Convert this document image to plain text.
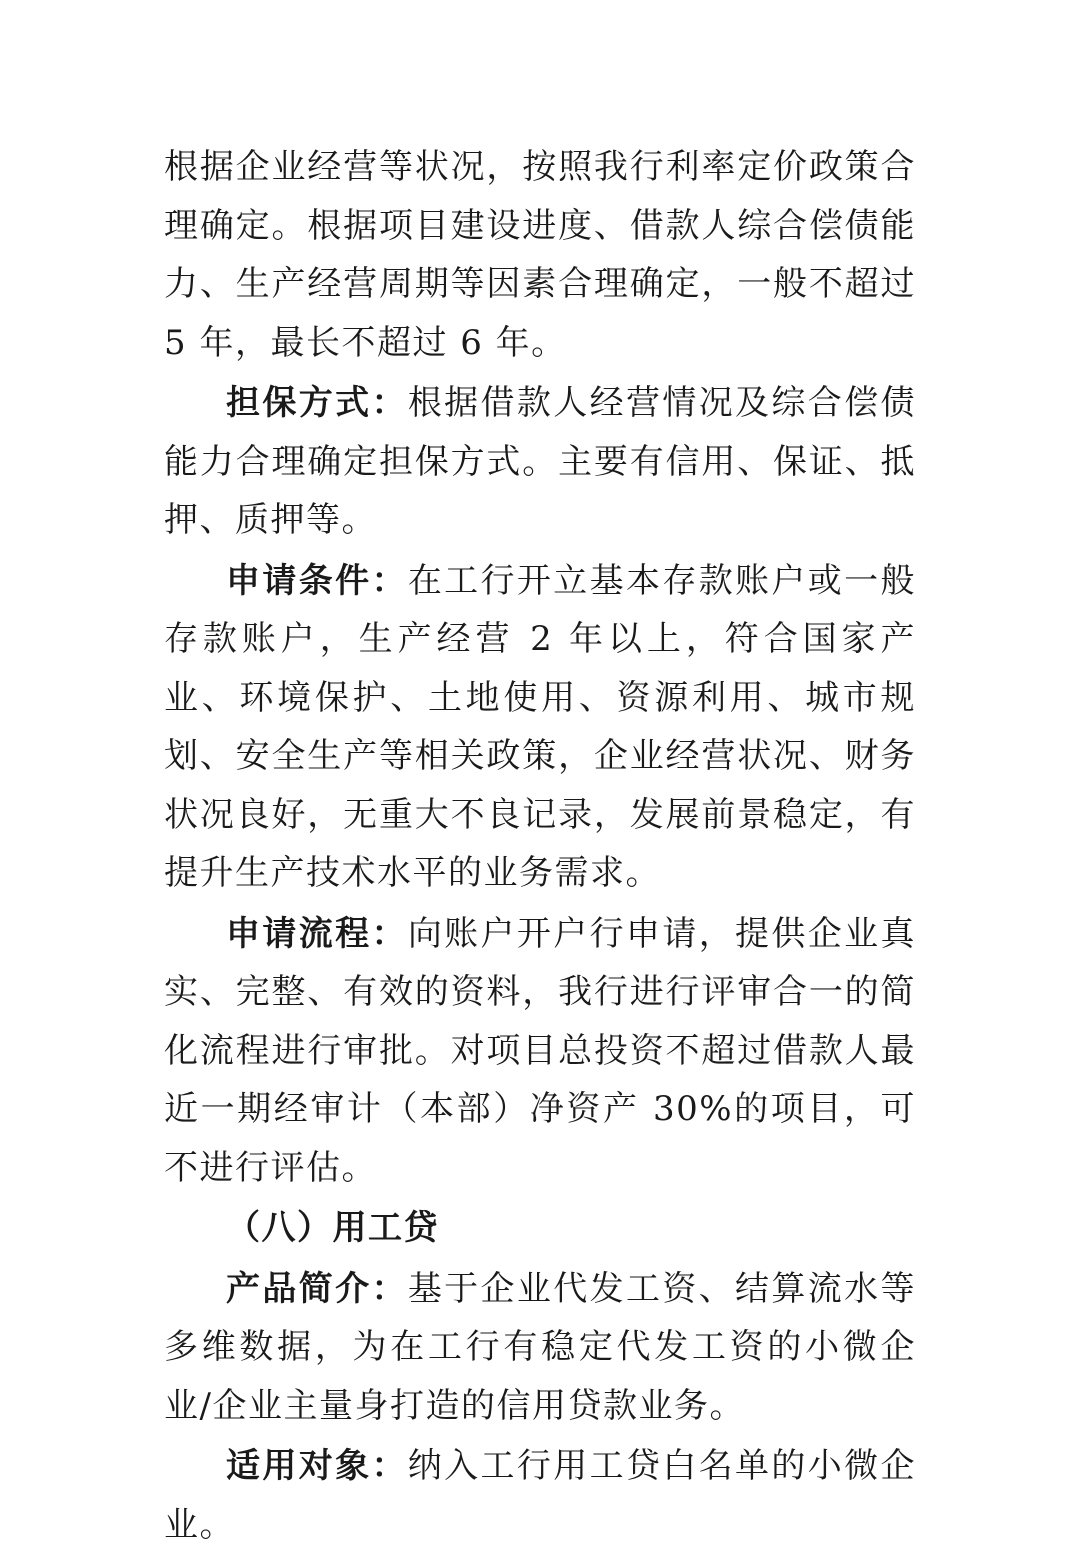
根据企业经营等状况，按照我行利率定价政策合理确定。根据项目建设进度、借款人综合偿债能力、生产经营周期等因素合理确定，一般不超过 5 年，最长不超过 6 年。

担保方式：根据借款人经营情况及综合偿债能力合理确定担保方式。主要有信用、保证、抵押、质押等。

申请条件：在工行开立基本存款账户或一般存款账户，生产经营 2 年以上，符合国家产业、环境保护、土地使用、资源利用、城市规划、安全生产等相关政策，企业经营状况、财务状况良好，无重大不良记录，发展前景稳定，有提升生产技术水平的业务需求。

申请流程：向账户开户行申请，提供企业真实、完整、有效的资料，我行进行评审合一的简化流程进行审批。对项目总投资不超过借款人最近一期经审计（本部）净资产 30%的项目，可不进行评估。

（八）用工贷

产品简介：基于企业代发工资、结算流水等多维数据，为在工行有稳定代发工资的小微企业/企业主量身打造的信用贷款业务。

适用对象：纳入工行用工贷白名单的小微企业。
